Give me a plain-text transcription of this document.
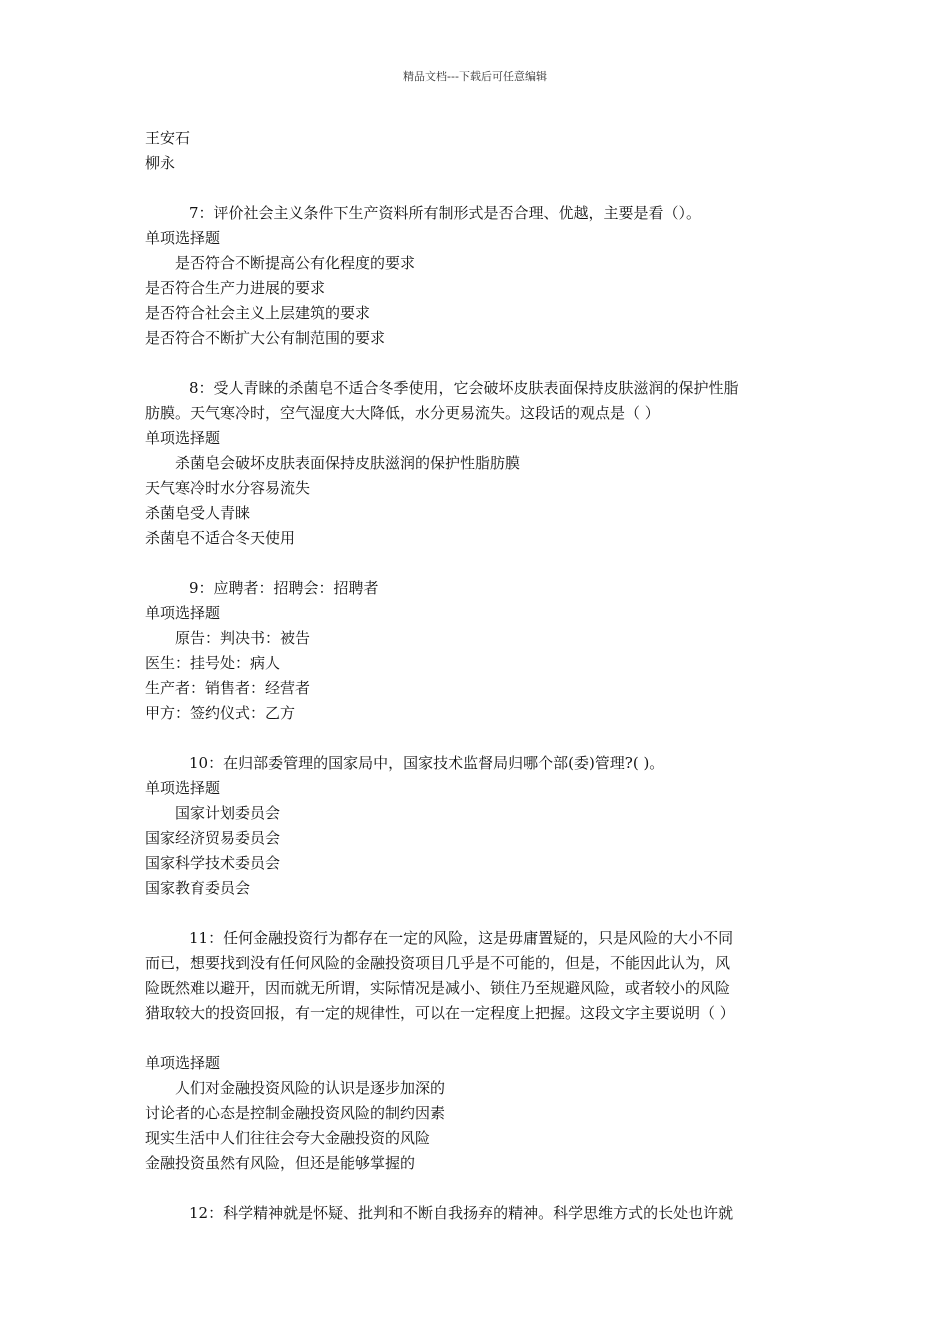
精品文档---下载后可任意编辑
王安石
柳永
7：评价社会主义条件下生产资料所有制形式是否合理、优越，主要是看（）。
单项选择题
是否符合不断提高公有化程度的要求
是否符合生产力进展的要求
是否符合社会主义上层建筑的要求
是否符合不断扩大公有制范围的要求
8：受人青睐的杀菌皂不适合冬季使用，它会破坏皮肤表面保持皮肤滋润的保护性脂
肪膜。天气寒冷时，空气湿度大大降低，水分更易流失。这段话的观点是（ ）
单项选择题
杀菌皂会破坏皮肤表面保持皮肤滋润的保护性脂肪膜
天气寒冷时水分容易流失
杀菌皂受人青睐
杀菌皂不适合冬天使用
9：应聘者：招聘会：招聘者
单项选择题
原告：判决书：被告
医生：挂号处：病人
生产者：销售者：经营者
甲方：签约仪式：乙方
10：在归部委管理的国家局中，国家技术监督局归哪个部(委)管理?( )。
单项选择题
国家计划委员会
国家经济贸易委员会
国家科学技术委员会
国家教育委员会
11：任何金融投资行为都存在一定的风险，这是毋庸置疑的，只是风险的大小不同
而已，想要找到没有任何风险的金融投资项目几乎是不可能的，但是，不能因此认为，风
险既然难以避开，因而就无所谓，实际情况是减小、锁住乃至规避风险，或者较小的风险
猎取较大的投资回报，有一定的规律性，可以在一定程度上把握。这段文字主要说明（ ）
单项选择题
人们对金融投资风险的认识是逐步加深的
讨论者的心态是控制金融投资风险的制约因素
现实生活中人们往往会夸大金融投资的风险
金融投资虽然有风险，但还是能够掌握的
12：科学精神就是怀疑、批判和不断自我扬弃的精神。科学思维方式的长处也许就
